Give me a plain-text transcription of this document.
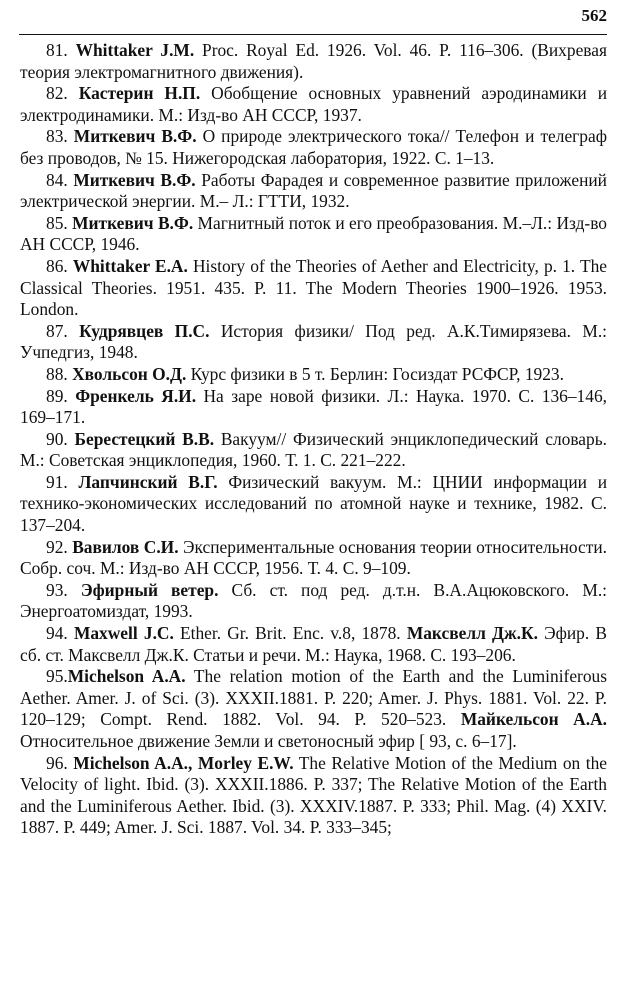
562

81. Whittaker J.M. Proc. Royal Ed. 1926. Vol. 46. P. 116–306. (Вихревая теория электромагнитного движения).

82. Кастерин Н.П. Обобщение основных уравнений аэродинамики и электродинамики. М.: Изд-во АН СССР, 1937.

83. Миткевич В.Ф. О природе электрического тока// Телефон и телеграф без проводов, № 15. Нижегородская лаборатория, 1922. С. 1–13.

84. Миткевич В.Ф. Работы Фарадея и современное развитие приложений электрической энергии. М.– Л.: ГТТИ, 1932.

85. Миткевич В.Ф. Магнитный поток и его преобразования. М.–Л.: Изд-во АН СССР, 1946.

86. Whittaker E.A. History of the Theories of Aether and Electricity, p. 1. The Classical Theories. 1951. 435. P. 11. The Modern Theories 1900–1926. 1953. London.

87. Кудрявцев П.С. История физики/ Под ред. А.К.Тимирязева. М.: Учпедгиз, 1948.

88. Хвольсон О.Д. Курс физики в 5 т. Берлин: Госиздат РСФСР, 1923.

89. Френкель Я.И. На заре новой физики. Л.: Наука. 1970. С. 136–146, 169–171.

90. Берестецкий В.В. Вакуум// Физический энциклопедический словарь. М.: Советская энциклопедия, 1960. Т. 1. С. 221–222.

91. Лапчинский В.Г. Физический вакуум. М.: ЦНИИ информации и технико-экономических исследований по атомной науке и технике, 1982. С. 137–204.

92. Вавилов С.И. Экспериментальные основания теории относительности. Собр. соч. М.: Изд-во АН СССР, 1956. Т. 4. С. 9–109.

93. Эфирный ветер. Сб. ст. под ред. д.т.н. В.А.Ацюковского. М.: Энергоатомиздат, 1993.

94. Maxwell J.C. Ether. Gr. Brit. Enc. v.8, 1878. Максвелл Дж.К. Эфир. В сб. ст. Максвелл Дж.К. Статьи и речи. М.: Наука, 1968. С. 193–206.

95.Michelson A.A. The relation motion of the Earth and the Luminiferous Aether. Amer. J. of Sci. (3). XXXII.1881. P. 220; Amer. J. Phys. 1881. Vol. 22. P. 120–129; Compt. Rend. 1882. Vol. 94. P. 520–523. Майкельсон А.А. Относительное движение Земли и светоносный эфир [ 93, с. 6–17].

96. Michelson A.A., Morley E.W. The Relative Motion of the Medium on the Velocity of light. Ibid. (3). XXXII.1886. P. 337; The Relative Motion of the Earth and the Luminiferous Aether. Ibid. (3). XXXIV.1887. P. 333; Phil. Mag. (4) XXIV. 1887. P. 449; Amer. J. Sci. 1887. Vol. 34. P. 333–345;
